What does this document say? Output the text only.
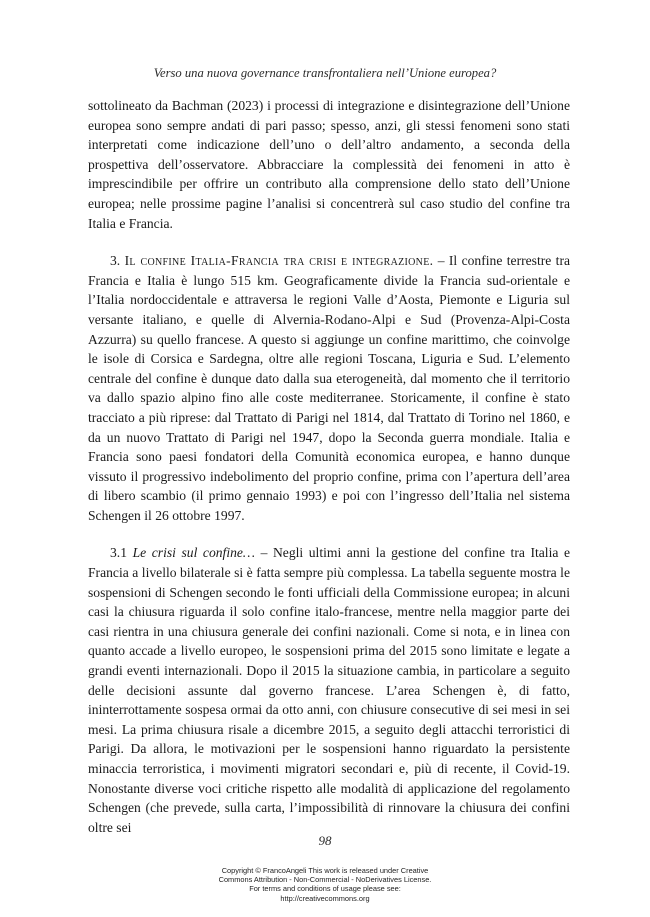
Verso una nuova governance transfrontaliera nell’Unione europea?

sottolineato da Bachman (2023) i processi di integrazione e disintegrazione dell’Unione europea sono sempre andati di pari passo; spesso, anzi, gli stessi fenomeni sono stati interpretati come indicazione dell’uno o dell’altro andamento, a seconda della prospettiva dell’osservatore. Abbracciare la complessità dei fenomeni in atto è imprescindibile per offrire un contributo alla comprensione dello stato dell’Unione europea; nelle prossime pagine l’analisi si concentrerà sul caso studio del confine tra Italia e Francia.

3. Il confine Italia-Francia tra crisi e integrazione. – Il confine terrestre tra Francia e Italia è lungo 515 km. Geograficamente divide la Francia sud-orientale e l’Italia nordoccidentale e attraversa le regioni Valle d’Aosta, Piemonte e Liguria sul versante italiano, e quelle di Alvernia-Rodano-Alpi e Sud (Provenza-Alpi-Costa Azzurra) su quello francese. A questo si aggiunge un confine marittimo, che coinvolge le isole di Corsica e Sardegna, oltre alle regioni Toscana, Liguria e Sud. L’elemento centrale del confine è dunque dato dalla sua eterogeneità, dal momento che il territorio va dallo spazio alpino fino alle coste mediterranee. Storicamente, il confine è stato tracciato a più riprese: dal Trattato di Parigi nel 1814, dal Trattato di Torino nel 1860, e da un nuovo Trattato di Parigi nel 1947, dopo la Seconda guerra mondiale. Italia e Francia sono paesi fondatori della Comunità economica europea, e hanno dunque vissuto il progressivo indebolimento del proprio confine, prima con l’apertura dell’area di libero scambio (il primo gennaio 1993) e poi con l’ingresso dell’Italia nel sistema Schengen il 26 ottobre 1997.

3.1 Le crisi sul confine… – Negli ultimi anni la gestione del confine tra Italia e Francia a livello bilaterale si è fatta sempre più complessa. La tabella seguente mostra le sospensioni di Schengen secondo le fonti ufficiali della Commissione europea; in alcuni casi la chiusura riguarda il solo confine italo-francese, mentre nella maggior parte dei casi rientra in una chiusura generale dei confini nazionali. Come si nota, e in linea con quanto accade a livello europeo, le sospensioni prima del 2015 sono limitate e legate a grandi eventi internazionali. Dopo il 2015 la situazione cambia, in particolare a seguito delle decisioni assunte dal governo francese. L’area Schengen è, di fatto, ininterrottamente sospesa ormai da otto anni, con chiusure consecutive di sei mesi in sei mesi. La prima chiusura risale a dicembre 2015, a seguito degli attacchi terroristici di Parigi. Da allora, le motivazioni per le sospensioni hanno riguardato la persistente minaccia terroristica, i movimenti migratori secondari e, più di recente, il Covid-19. Nonostante diverse voci critiche rispetto alle modalità di applicazione del regolamento Schengen (che prevede, sulla carta, l’impossibilità di rinnovare la chiusura dei confini oltre sei

98
Copyright © FrancoAngeli This work is released under Creative
Commons Attribution - Non-Commercial - NoDerivatives License.
For terms and conditions of usage please see:
http://creativecommons.org
